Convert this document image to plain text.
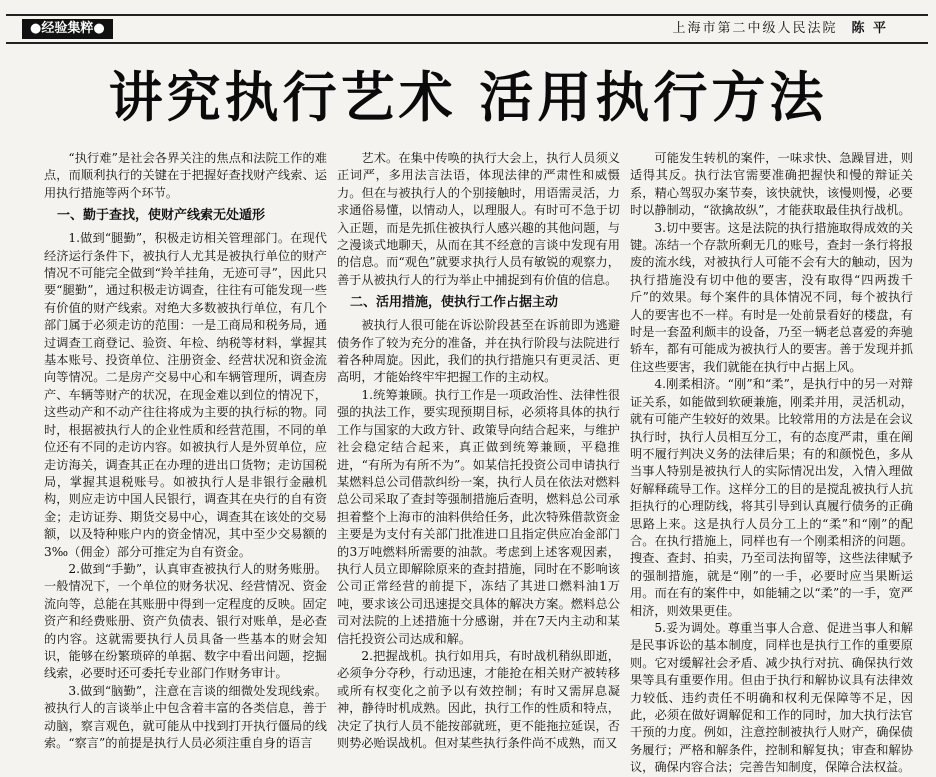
●经验集粹●	上海市第二中级人民法院 陈 平
讲究执行艺术 活用执行方法

“执行难”是社会各界关注的焦点和法院工作的难点，而顺利执行的关键在于把握好查找财产线索、运用执行措施等两个环节。

一、勤于查找，使财产线索无处遁形

1.做到“腿勤”，积极走访相关管理部门。在现代经济运行条件下，被执行人尤其是被执行单位的财产情况不可能完全做到“羚羊挂角，无迹可寻”，因此只要“腿勤”，通过积极走访调查，往往有可能发现一些有价值的财产线索。对绝大多数被执行单位，有几个部门属于必须走访的范围：一是工商局和税务局，通过调查工商登记、验资、年检、纳税等材料，掌握其基本账号、投资单位、注册资金、经营状况和资金流向等情况。二是房产交易中心和车辆管理所，调查房产、车辆等财产的状况，在现金难以到位的情况下，这些动产和不动产往往将成为主要的执行标的物。同时，根据被执行人的企业性质和经营范围，不同的单位还有不同的走访内容。如被执行人是外贸单位，应走访海关，调查其正在办理的进出口货物；走访国税局，掌握其退税账号。如被执行人是非银行金融机构，则应走访中国人民银行，调查其在央行的自有资金；走访证券、期货交易中心，调查其在该处的交易额，以及特种账户内的资金情况，其中至少交易额的 3‰（佣金）部分可推定为自有资金。

2.做到“手勤”，认真审查被执行人的财务账册。一般情况下，一个单位的财务状况、经营情况、资金流向等，总能在其账册中得到一定程度的反映。固定资产和经费账册、资产负债表、银行对账单，是必查的内容。这就需要执行人员具备一些基本的财会知识，能够在纷繁琐碎的单据、数字中看出问题，挖掘线索，必要时还可委托专业部门作财务审计。

3.做到“脑勤”，注意在言谈的细微处发现线索。被执行人的言谈举止中包含着丰富的各类信息，善于动脑，察言观色，就可能从中找到打开执行僵局的线索。“察言”的前提是执行人员必须注重自身的语言

艺术。在集中传唤的执行大会上，执行人员须义正词严，多用法言法语，体现法律的严肃性和威慑力。但在与被执行人的个别接触时，用语需灵活，力求通俗易懂，以情动人，以理服人。有时可不急于切入正题，而是先抓住被执行人感兴趣的其他问题，与之漫谈式地聊天，从而在其不经意的言谈中发现有用的信息。而“观色”就要求执行人员有敏锐的观察力，善于从被执行人的行为举止中捕捉到有价值的信息。

二、活用措施，使执行工作占据主动

被执行人很可能在诉讼阶段甚至在诉前即为逃避债务作了较为充分的准备，并在执行阶段与法院进行着各种周旋。因此，我们的执行措施只有更灵活、更高明，才能始终牢牢把握工作的主动权。

1.统筹兼顾。执行工作是一项政治性、法律性很强的执法工作，要实现预期目标，必须将具体的执行工作与国家的大政方针、政策导向结合起来，与维护社会稳定结合起来，真正做到统筹兼顾，平稳推进，“有所为有所不为”。如某信托投资公司申请执行某燃料总公司借款纠纷一案，执行人员在依法对燃料总公司采取了查封等强制措施后查明，燃料总公司承担着整个上海市的油料供给任务，此次特殊借款资金主要是为支付有关部门批准进口且指定供应冶金部门的3万吨燃料所需要的油款。考虑到上述客观因素，执行人员立即解除原来的查封措施，同时在不影响该公司正常经营的前提下，冻结了其进口燃料油1万吨，要求该公司迅速提交具体的解决方案。燃料总公司对法院的上述措施十分感谢，并在7天内主动和某信托投资公司达成和解。

2.把握战机。执行如用兵，有时战机稍纵即逝，必须争分夺秒，行动迅速，才能抢在相关财产被转移或所有权变化之前予以有效控制；有时又需屏息凝神，静待时机成熟。因此，执行工作的性质和特点，决定了执行人员不能按部就班，更不能拖拉延误，否则势必贻误战机。但对某些执行条件尚不成熟，而又

可能发生转机的案件，一味求快、急躁冒进，则适得其反。执行法官需要准确把握快和慢的辩证关系，精心驾驭办案节奏，该快就快，该慢则慢，必要时以静制动，“欲擒故纵”，才能获取最佳执行战机。

3.切中要害。这是法院的执行措施取得成效的关键。冻结一个存款所剩无几的账号，查封一条行将报废的流水线，对被执行人可能不会有大的触动，因为执行措施没有切中他的要害，没有取得“四两拨千斤”的效果。每个案件的具体情况不同，每个被执行人的要害也不一样。有时是一处前景看好的楼盘，有时是一套盈利颇丰的设备，乃至一辆老总喜爱的奔驰轿车，都有可能成为被执行人的要害。善于发现并抓住这些要害，我们就能在执行中占据上风。

4.刚柔相济。“刚”和“柔”，是执行中的另一对辩证关系，如能做到软硬兼施，刚柔并用，灵活机动，就有可能产生较好的效果。比较常用的方法是在会议执行时，执行人员相互分工，有的态度严肃，重在阐明不履行判决义务的法律后果；有的和颜悦色，多从当事人特别是被执行人的实际情况出发，入情入理做好解释疏导工作。这样分工的目的是搅乱被执行人抗拒执行的心理防线，将其引导到认真履行债务的正确思路上来。这是执行人员分工上的“柔”和“刚”的配合。在执行措施上，同样也有一个刚柔相济的问题。搜查、查封、拍卖，乃至司法拘留等，这些法律赋予的强制措施，就是“刚”的一手，必要时应当果断运用。而在有的案件中，如能辅之以“柔”的一手，宽严相济，则效果更佳。

5.妥为调处。尊重当事人合意、促进当事人和解是民事诉讼的基本制度，同样也是执行工作的重要原则。它对缓解社会矛盾、减少执行对抗、确保执行效果等具有重要作用。但由于执行和解协议具有法律效力较低、违约责任不明确和权利无保障等不足，因此，必须在做好调解促和工作的同时，加大执行法官干预的力度。例如，注意控制被执行人财产，确保债务履行；严格和解条件，控制和解复执；审查和解协议，确保内容合法；完善告知制度，保障合法权益。
